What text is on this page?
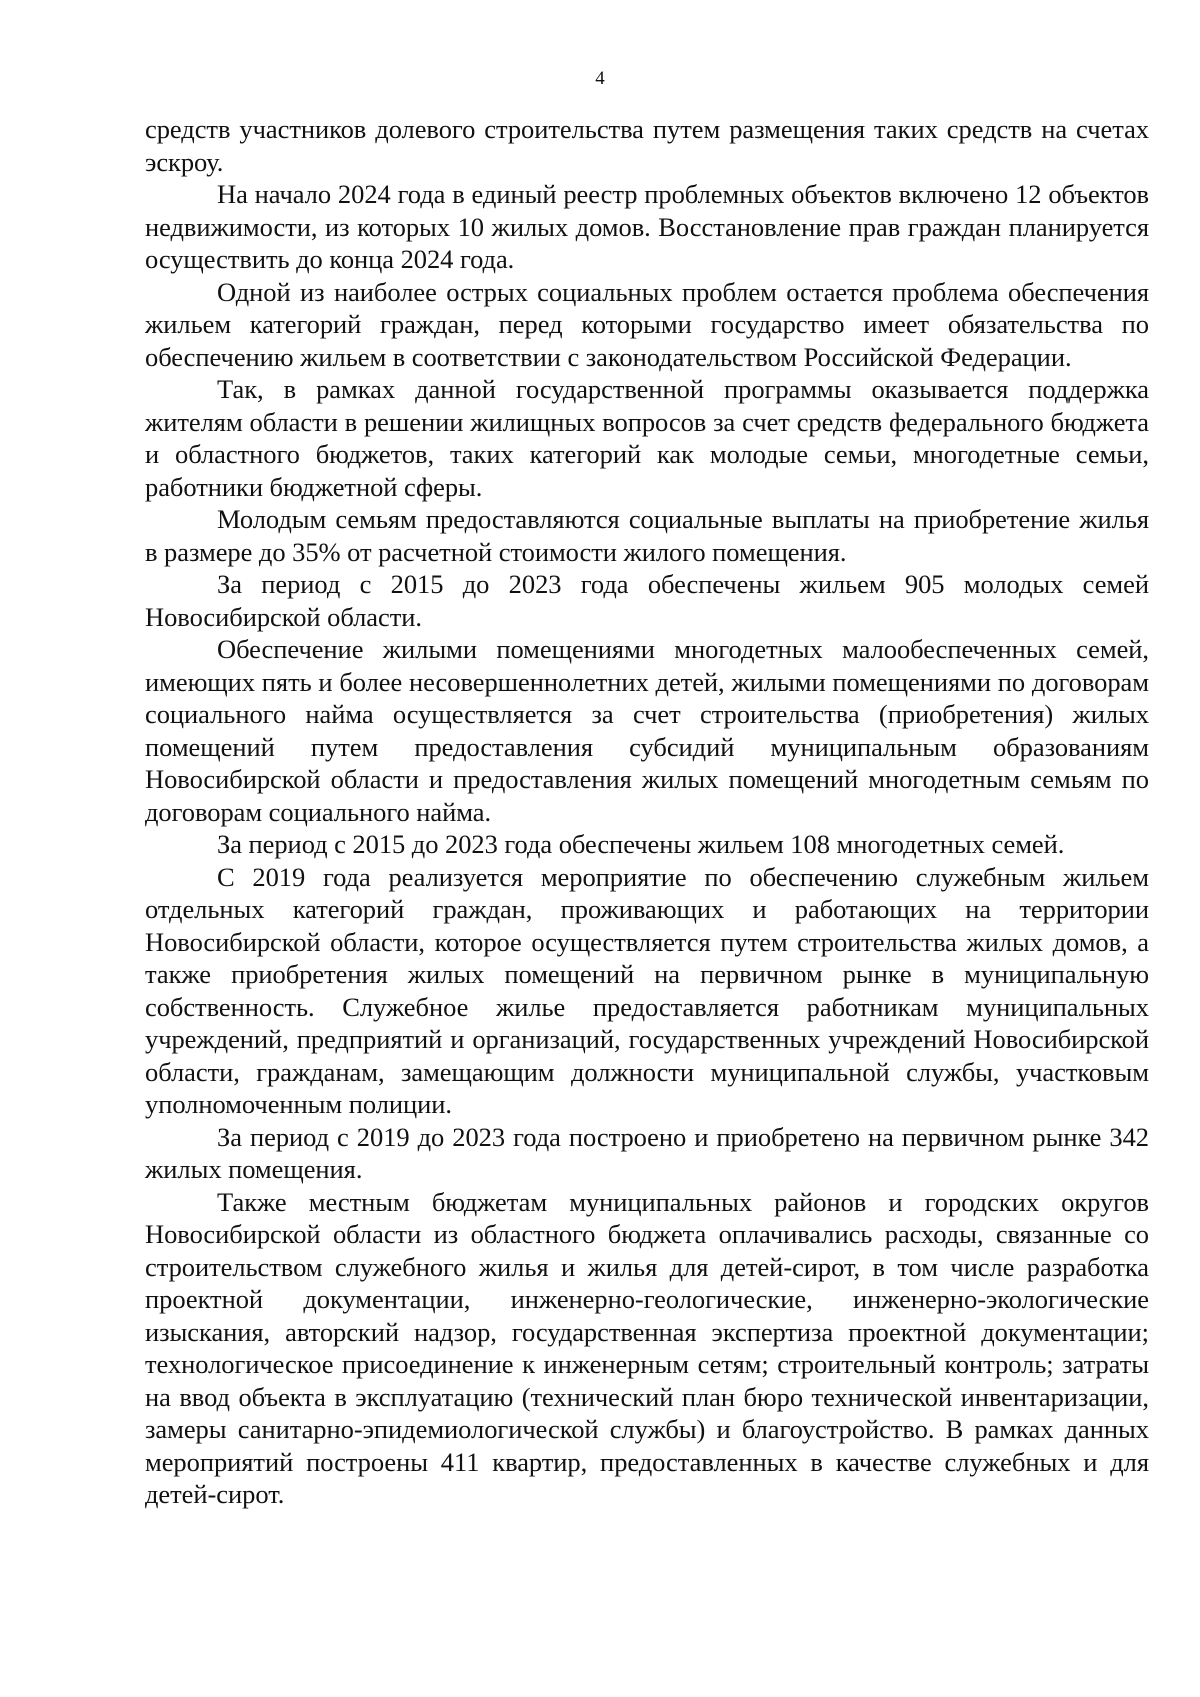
4

средств участников долевого строительства путем размещения таких средств на счетах эскроу.

На начало 2024 года в единый реестр проблемных объектов включено 12 объектов недвижимости, из которых 10 жилых домов. Восстановление прав граждан планируется осуществить до конца 2024 года.

Одной из наиболее острых социальных проблем остается проблема обеспечения жильем категорий граждан, перед которыми государство имеет обязательства по обеспечению жильем в соответствии с законодательством Российской Федерации.

Так, в рамках данной государственной программы оказывается поддержка жителям области в решении жилищных вопросов за счет средств федерального бюджета и областного бюджетов, таких категорий как молодые семьи, многодетные семьи, работники бюджетной сферы.

Молодым семьям предоставляются социальные выплаты на приобретение жилья в размере до 35% от расчетной стоимости жилого помещения.

За период с 2015 до 2023 года обеспечены жильем 905 молодых семей Новосибирской области.

Обеспечение жилыми помещениями многодетных малообеспеченных семей, имеющих пять и более несовершеннолетних детей, жилыми помещениями по договорам социального найма осуществляется за счет строительства (приобретения) жилых помещений путем предоставления субсидий муниципальным образованиям Новосибирской области и предоставления жилых помещений многодетным семьям по договорам социального найма.

За период с 2015 до 2023 года обеспечены жильем 108 многодетных семей.

С 2019 года реализуется мероприятие по обеспечению служебным жильем отдельных категорий граждан, проживающих и работающих на территории Новосибирской области, которое осуществляется путем строительства жилых домов, а также приобретения жилых помещений на первичном рынке в муниципальную собственность. Служебное жилье предоставляется работникам муниципальных учреждений, предприятий и организаций, государственных учреждений Новосибирской области, гражданам, замещающим должности муниципальной службы, участковым уполномоченным полиции.

За период с 2019 до 2023 года построено и приобретено на первичном рынке 342 жилых помещения.

Также местным бюджетам муниципальных районов и городских округов Новосибирской области из областного бюджета оплачивались расходы, связанные со строительством служебного жилья и жилья для детей-сирот, в том числе разработка проектной документации, инженерно-геологические, инженерно-экологические изыскания, авторский надзор, государственная экспертиза проектной документации; технологическое присоединение к инженерным сетям; строительный контроль; затраты на ввод объекта в эксплуатацию (технический план бюро технической инвентаризации, замеры санитарно-эпидемиологической службы) и благоустройство. В рамках данных мероприятий построены 411 квартир, предоставленных в качестве служебных и для детей-сирот.
